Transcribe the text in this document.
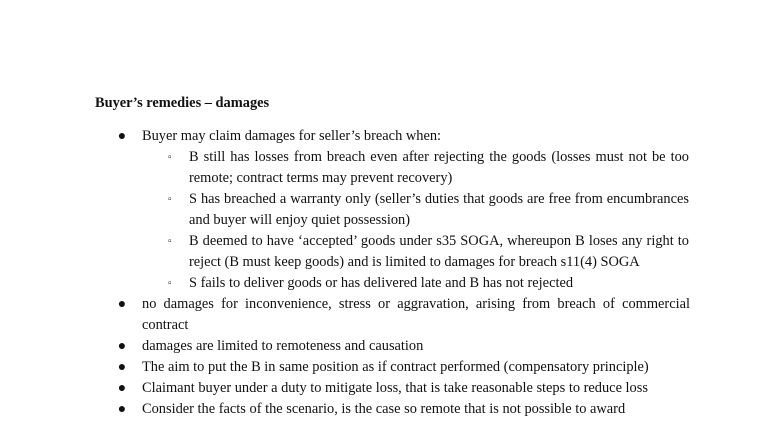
Buyer’s remedies – damages
● Buyer may claim damages for seller’s breach when:
▫	B still has losses from breach even after rejecting the goods (losses must not be too remote; contract terms may prevent recovery)
▫	S has breached a warranty only (seller’s duties that goods are free from encumbrances and buyer will enjoy quiet possession)
▫	B deemed to have ‘accepted’ goods under s35 SOGA, whereupon B loses any right to reject (B must keep goods) and is limited to damages for breach s11(4) SOGA
▫	S fails to deliver goods or has delivered late and B has not rejected
● no damages for inconvenience, stress or aggravation, arising from breach of commercial contract
● damages are limited to remoteness and causation
● The aim to put the B in same position as if contract performed (compensatory principle)
● Claimant buyer under a duty to mitigate loss, that is take reasonable steps to reduce loss
● Consider the facts of the scenario, is the case so remote that is not possible to award
